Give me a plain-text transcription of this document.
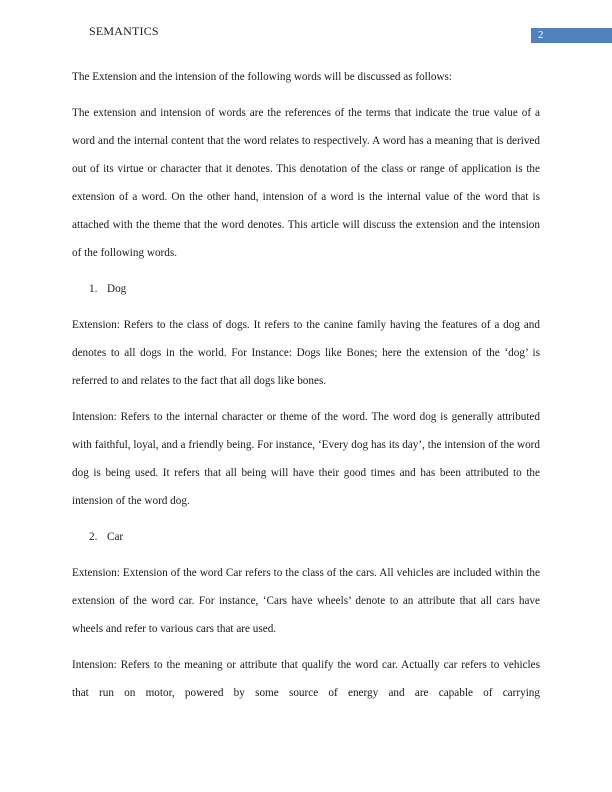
SEMANTICS	2

The Extension and the intension of the following words will be discussed as follows:

The extension and intension of words are the references of the terms that indicate the true value of a word and the internal content that the word relates to respectively. A word has a meaning that is derived out of its virtue or character that it denotes. This denotation of the class or range of application is the extension of a word. On the other hand, intension of a word is the internal value of the word that is attached with the theme that the word denotes. This article will discuss the extension and the intension of the following words.

1. Dog

Extension: Refers to the class of dogs. It refers to the canine family having the features of a dog and denotes to all dogs in the world. For Instance: Dogs like Bones; here the extension of the ‘dog’ is referred to and relates to the fact that all dogs like bones.

Intension: Refers to the internal character or theme of the word. The word dog is generally attributed with faithful, loyal, and a friendly being. For instance, ‘Every dog has its day’, the intension of the word dog is being used. It refers that all being will have their good times and has been attributed to the intension of the word dog.

2. Car

Extension: Extension of the word Car refers to the class of the cars. All vehicles are included within the extension of the word car. For instance, ‘Cars have wheels’ denote to an attribute that all cars have wheels and refer to various cars that are used.

Intension: Refers to the meaning or attribute that qualify the word car. Actually car refers to vehicles that run on motor, powered by some source of energy and are capable of carrying
